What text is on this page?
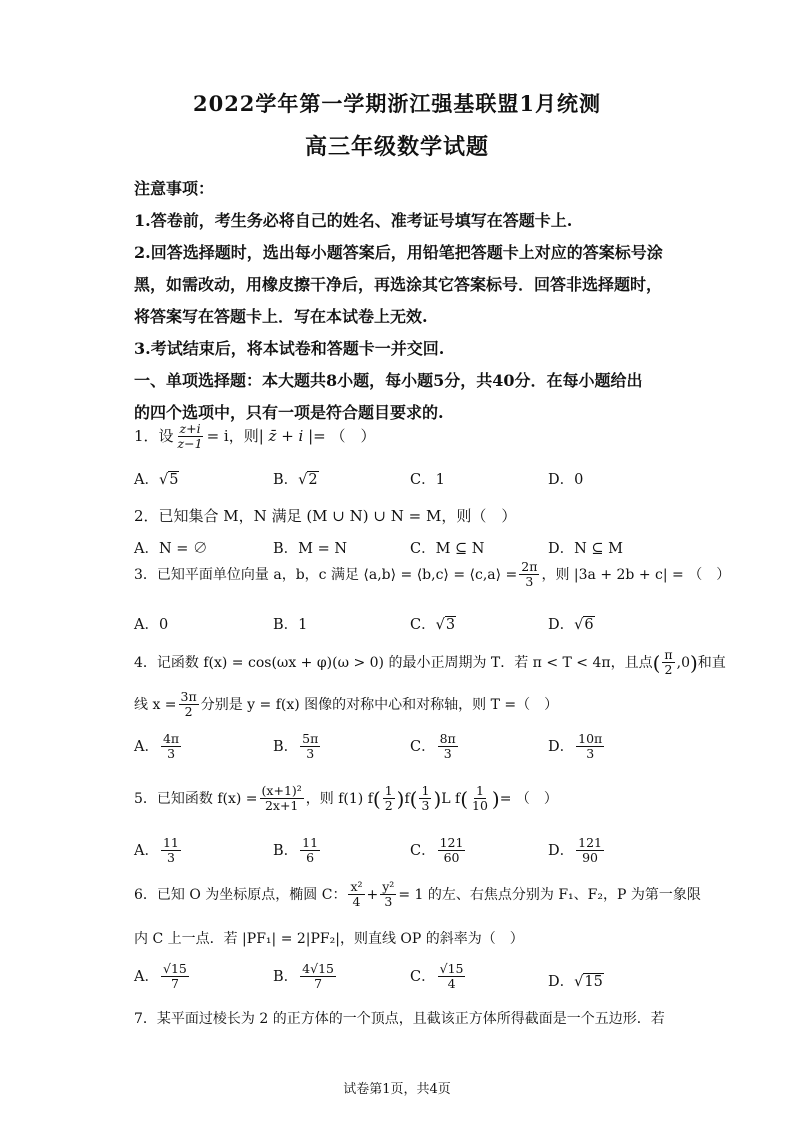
2022学年第一学期浙江强基联盟1月统测
高三年级数学试题
注意事项：
1.答卷前，考生务必将自己的姓名、准考证号填写在答题卡上.
2.回答选择题时，选出每小题答案后，用铅笔把答题卡上对应的答案标号涂
黑，如需改动，用橡皮擦干净后，再选涂其它答案标号．回答非选择题时，
将答案写在答题卡上．写在本试卷上无效.
3.考试结束后，将本试卷和答题卡一并交回.
一、单项选择题：本大题共8小题，每小题5分，共40分．在每小题给出
的四个选项中，只有一项是符合题目要求的.
1．设 $\frac{z+i}{z-1} = i$，则| z̄ + i |= （　）
A．√5	B．√2	C．1	D．0
2．已知集合 M，N 满足 (M ∪ N) ∪ N = M，则（　）
A．N = ∅	B．M = N	C．M ⊆ N	D．N ⊆ M
3．已知平面单位向量 a，b，c 满足 ⟨a,b⟩ = ⟨b,c⟩ = ⟨c,a⟩ = $\frac{2\pi}{3}$ ，则 |3a + 2b + c| = （　）
A．0	B．1	C．√3	D．√6
4．记函数 f(x) = cos(ωx + φ)(ω > 0) 的最小正周期为 T．若 π < T < 4π，且点( $\frac{\pi}{2} ,0$)和直
线 $x = \frac{3\pi}{2}$ 分别是 y = f(x) 图像的对称中心和对称轴，则 T =（　）
A． $\frac{4\pi}{3}$	B． $\frac{5\pi}{3}$	C． $\frac{8\pi}{3}$	D． $\frac{10\pi}{3}$
5．已知函数 $f(x) = \frac{\text{(x+1)²}}{2x+1}$ ，则 f(1) $f( \frac{1}{2} )f( \frac{1}{3} )L$ $f( \frac{1}{10}$ )= （　）
A． $\frac{11}{3}$	B． $\frac{11}{6}$	C． $\frac{121}{60}$	D． $\frac{121}{90}$
6．已知 O 为坐标原点，椭圆 C： $\frac{\text{x²}}{4} + \frac{\text{y²}}{3} = 1$ 的左、右焦点分别为 F₁、F₂，P 为第一象限
内 C 上一点．若 |PF₁| = 2|PF₂|，则直线 OP 的斜率为（　）
A． $\frac{√15}{7}$	B． $\frac{4√15}{7}$	C． $\frac{√15}{4}$	D．√15
7．某平面过棱长为 2 的正方体的一个顶点，且截该正方体所得截面是一个五边形．若
试卷第1页，共4页
